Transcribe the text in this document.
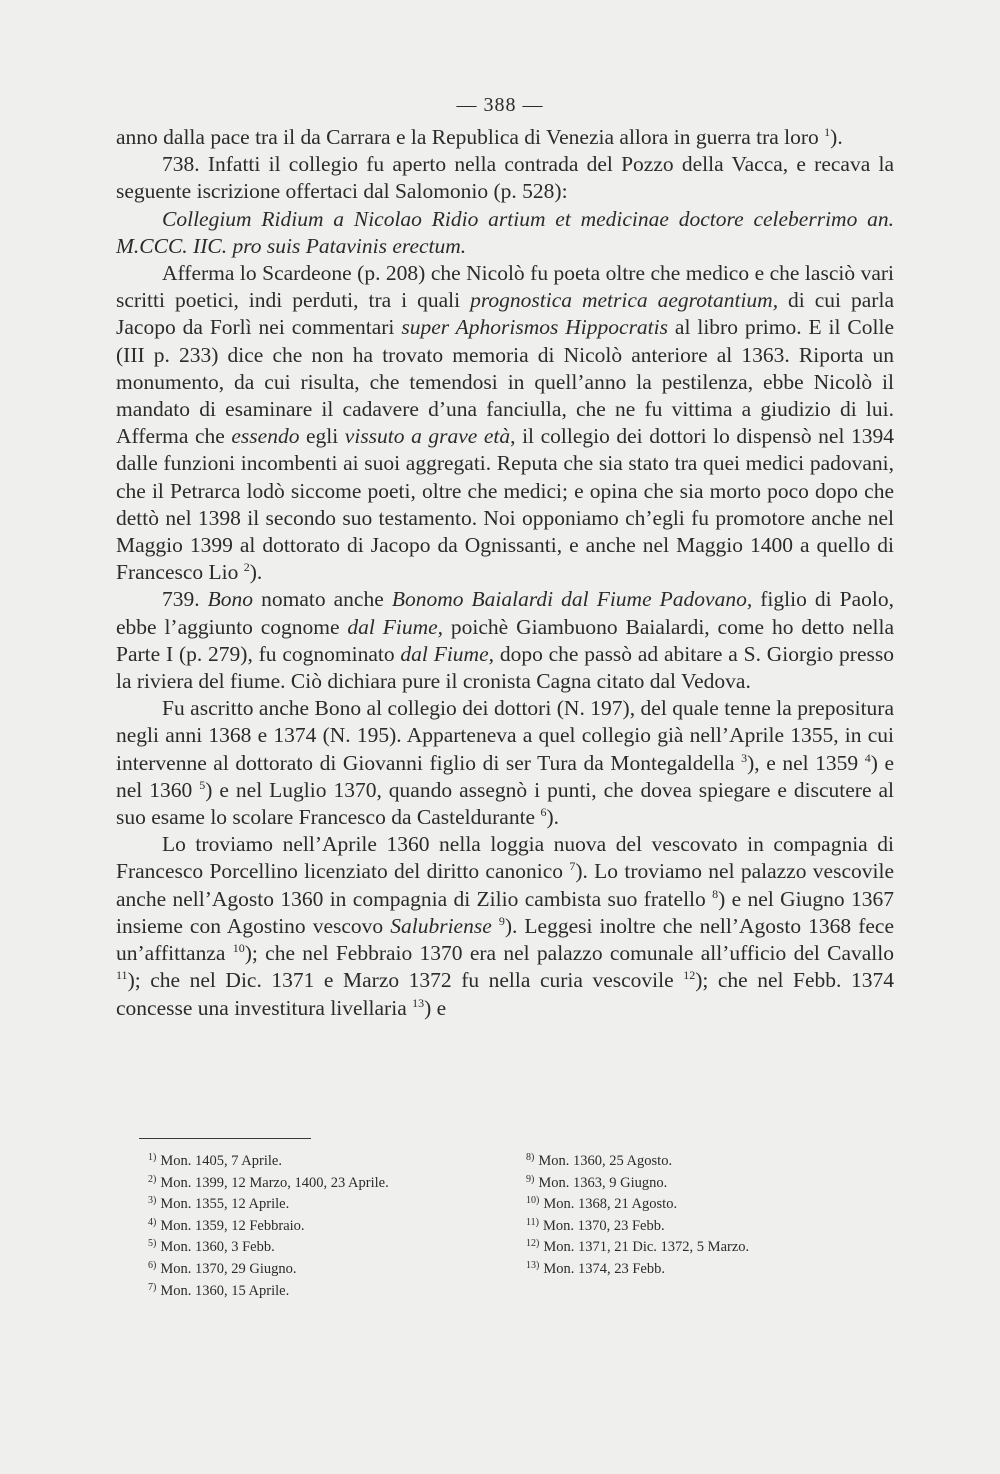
— 388 —

anno dalla pace tra il da Carrara e la Republica di Venezia allora in guerra tra loro $^1$).

738. Infatti il collegio fu aperto nella contrada del Pozzo della Vacca, e recava la seguente iscrizione offertaci dal Salomonio (p. 528):

Collegium Ridium a Nicolao Ridio artium et medicinae doctore celeberrimo an. M.CCC. IIC. pro suis Patavinis erectum.

Afferma lo Scardeone (p. 208) che Nicolò fu poeta oltre che medico e che lasciò vari scritti poetici, indi perduti, tra i quali prognostica metrica aegrotantium, di cui parla Jacopo da Forlì nei commentari super Aphorismos Hippocratis al libro primo. E il Colle (III p. 233) dice che non ha trovato memoria di Nicolò anteriore al 1363. Riporta un monumento, da cui risulta, che temendosi in quell’anno la pestilenza, ebbe Nicolò il mandato di esaminare il cadavere d’una fanciulla, che ne fu vittima a giudizio di lui. Afferma che essendo egli vissuto a grave età, il collegio dei dottori lo dispensò nel 1394 dalle funzioni incombenti ai suoi aggregati. Reputa che sia stato tra quei medici padovani, che il Petrarca lodò siccome poeti, oltre che medici; e opina che sia morto poco dopo che dettò nel 1398 il secondo suo testamento. Noi opponiamo ch’egli fu promotore anche nel Maggio 1399 al dottorato di Jacopo da Ognissanti, e anche nel Maggio 1400 a quello di Francesco Lio $^2$).

739. Bono nomato anche Bonomo Baialardi dal Fiume Padovano, figlio di Paolo, ebbe l’aggiunto cognome dal Fiume, poichè Giambuono Baialardi, come ho detto nella Parte I (p. 279), fu cognominato dal Fiume, dopo che passò ad abitare a S. Giorgio presso la riviera del fiume. Ciò dichiara pure il cronista Cagna citato dal Vedova.

Fu ascritto anche Bono al collegio dei dottori (N. 197), del quale tenne la prepositura negli anni 1368 e 1374 (N. 195). Apparteneva a quel collegio già nell’Aprile 1355, in cui intervenne al dottorato di Giovanni figlio di ser Tura da Montegaldella $^3$), e nel 1359 $^4$) e nel 1360 $^5$) e nel Luglio 1370, quando assegnò i punti, che dovea spiegare e discutere al suo esame lo scolare Francesco da Casteldurante $^6$).

Lo troviamo nell’Aprile 1360 nella loggia nuova del vescovato in compagnia di Francesco Porcellino licenziato del diritto canonico $^7$). Lo troviamo nel palazzo vescovile anche nell’Agosto 1360 in compagnia di Zilio cambista suo fratello $^8$) e nel Giugno 1367 insieme con Agostino vescovo Salubriense $^9$). Leggesi inoltre che nell’Agosto 1368 fece un’affittanza $^{10}$); che nel Febbraio 1370 era nel palazzo comunale all’ufficio del Cavallo $^{11}$); che nel Dic. 1371 e Marzo 1372 fu nella curia vescovile $^{12}$); che nel Febb. 1374 concesse una investitura livellaria $^{13}$) e

$^{1)}$ Mon. 1405, 7 Aprile.
$^{2)}$ Mon. 1399, 12 Marzo, 1400, 23 Aprile.
$^{3)}$ Mon. 1355, 12 Aprile.
$^{4)}$ Mon. 1359, 12 Febbraio.
$^{5)}$ Mon. 1360, 3 Febb.
$^{6)}$ Mon. 1370, 29 Giugno.
$^{7)}$ Mon. 1360, 15 Aprile.
$^{8)}$ Mon. 1360, 25 Agosto.
$^{9)}$ Mon. 1363, 9 Giugno.
$^{10)}$ Mon. 1368, 21 Agosto.
$^{11)}$ Mon. 1370, 23 Febb.
$^{12)}$ Mon. 1371, 21 Dic. 1372, 5 Marzo.
$^{13)}$ Mon. 1374, 23 Febb.
